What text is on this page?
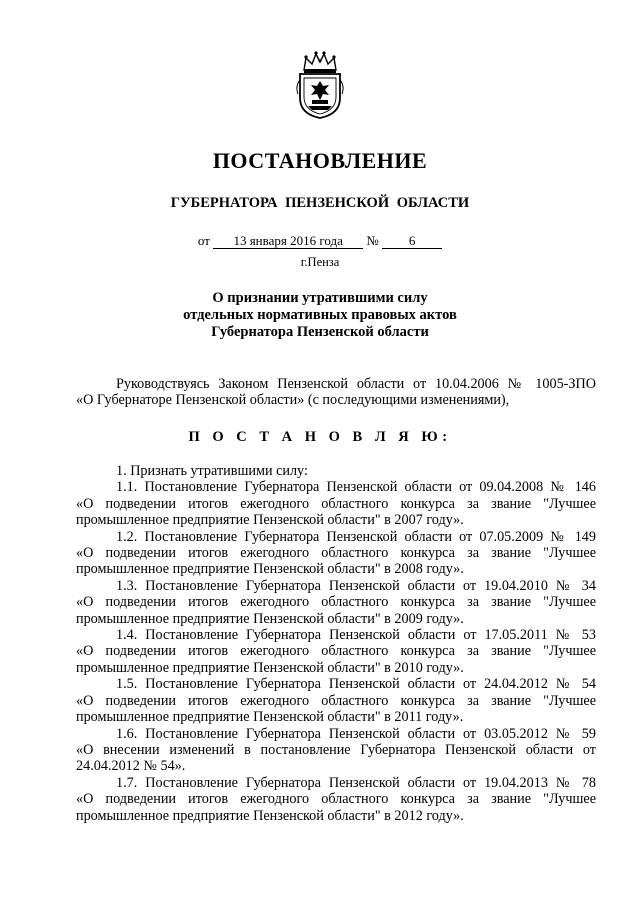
ПОСТАНОВЛЕНИЕ
ГУБЕРНАТОРА ПЕНЗЕНСКОЙ ОБЛАСТИ
от 13 января 2016 года № 6
г.Пенза
О признании утратившими силу
отдельных нормативных правовых актов
Губернатора Пензенской области

Руководствуясь Законом Пензенской области от 10.04.2006 № 1005-ЗПО

«О Губернаторе Пензенской области» (с последующими изменениями),

П О С Т А Н О В Л Я Ю:

1. Признать утратившими силу:

1.1. Постановление Губернатора Пензенской области от 09.04.2008 № 146

«О подведении итогов ежегодного областного конкурса за звание "Лучшее

промышленное предприятие Пензенской области" в 2007 году».

1.2. Постановление Губернатора Пензенской области от 07.05.2009 № 149

«О подведении итогов ежегодного областного конкурса за звание "Лучшее

промышленное предприятие Пензенской области" в 2008 году».

1.3. Постановление Губернатора Пензенской области от 19.04.2010 № 34

«О подведении итогов ежегодного областного конкурса за звание "Лучшее

промышленное предприятие Пензенской области" в 2009 году».

1.4. Постановление Губернатора Пензенской области от 17.05.2011 № 53

«О подведении итогов ежегодного областного конкурса за звание "Лучшее

промышленное предприятие Пензенской области" в 2010 году».

1.5. Постановление Губернатора Пензенской области от 24.04.2012 № 54

«О подведении итогов ежегодного областного конкурса за звание "Лучшее

промышленное предприятие Пензенской области" в 2011 году».

1.6. Постановление Губернатора Пензенской области от 03.05.2012 № 59

«О внесении изменений в постановление Губернатора Пензенской области от

24.04.2012 № 54».

1.7. Постановление Губернатора Пензенской области от 19.04.2013 № 78

«О подведении итогов ежегодного областного конкурса за звание "Лучшее

промышленное предприятие Пензенской области" в 2012 году».
